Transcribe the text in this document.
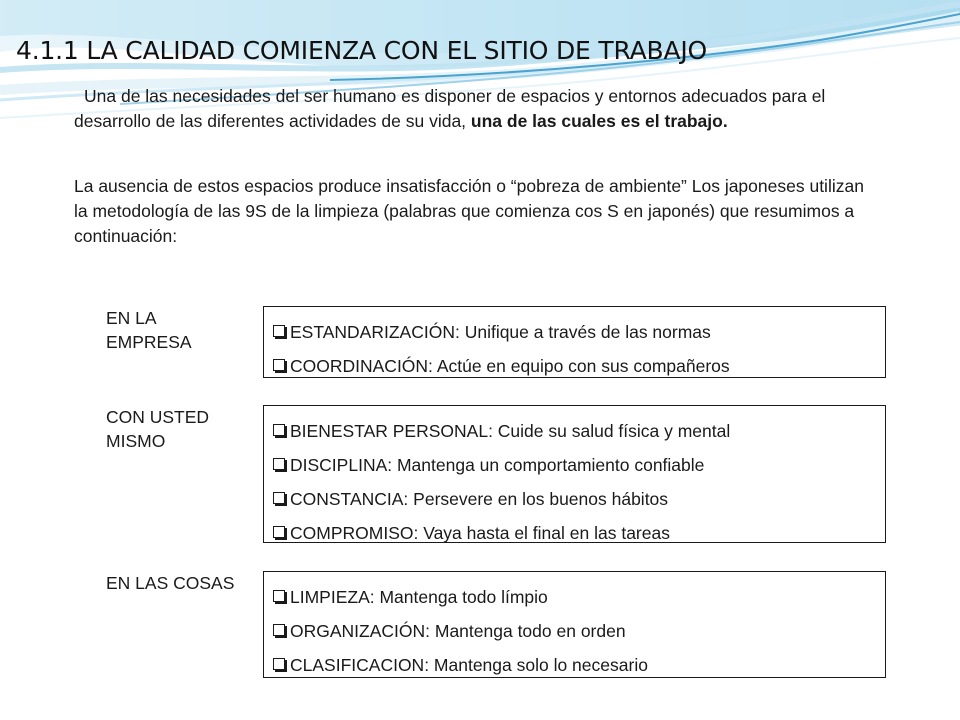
4.1.1 LA CALIDAD COMIENZA CON EL SITIO DE TRABAJO
Una de las necesidades del ser humano es disponer de espacios y entornos adecuados para el desarrollo de las diferentes actividades de su vida, una de las cuales es el trabajo.
La ausencia de estos espacios produce insatisfacción o “pobreza de ambiente” Los japoneses utilizan la metodología de las 9S de la limpieza (palabras que comienza cos S en japonés) que resumimos a continuación:
EN LA EMPRESA
ESTANDARIZACIÓN: Unifique a través de las normas
COORDINACIÓN: Actúe en equipo con sus compañeros
CON USTED MISMO
BIENESTAR PERSONAL: Cuide su salud física y mental
DISCIPLINA: Mantenga un comportamiento confiable
CONSTANCIA: Persevere en los buenos hábitos
COMPROMISO: Vaya hasta el final en las tareas
EN LAS COSAS
LIMPIEZA: Mantenga todo límpio
ORGANIZACIÓN: Mantenga todo en orden
CLASIFICACION: Mantenga solo lo necesario
